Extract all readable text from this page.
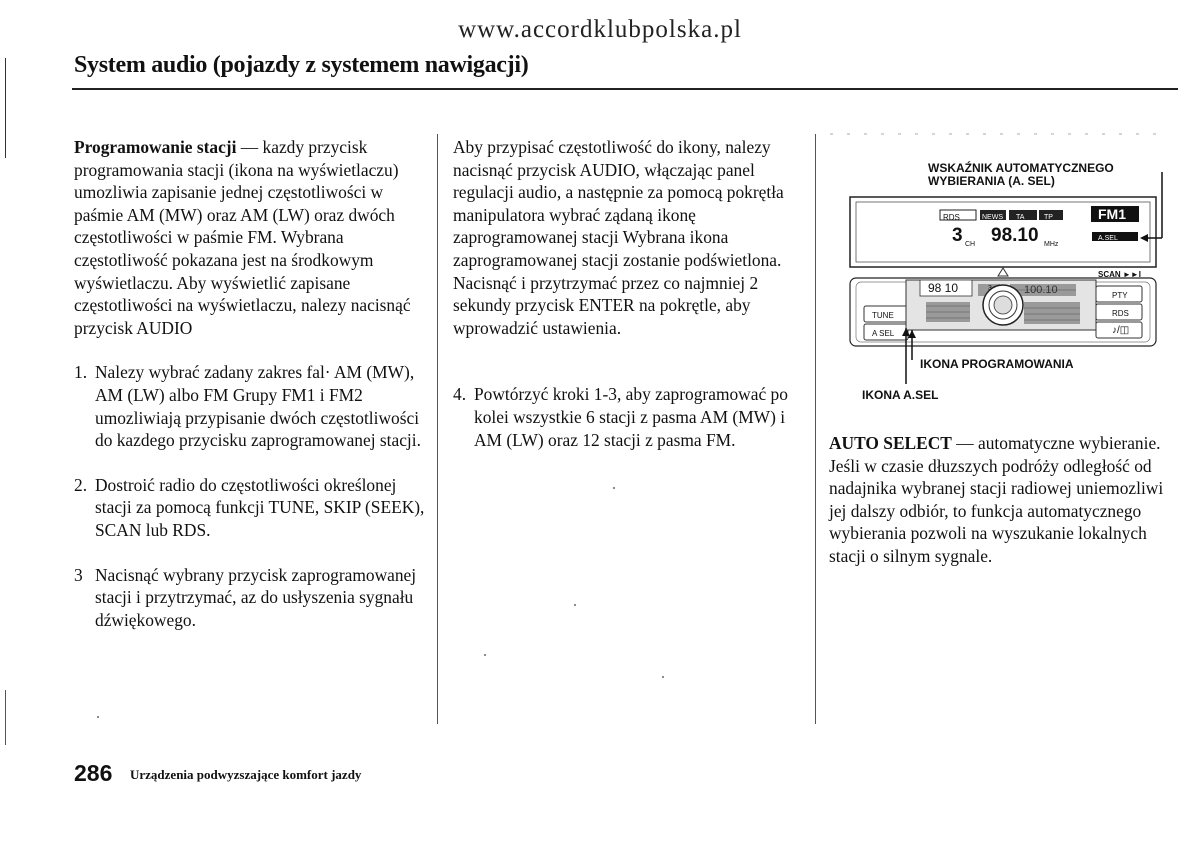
www.accordklubpolska.pl
System audio (pojazdy z systemem nawigacji)

Programowanie stacji — kazdy przycisk programowania stacji (ikona na wyświetlaczu) umozliwia zapisanie jednej częstotliwości w paśmie AM (MW) oraz AM (LW) oraz dwóch częstotliwości w paśmie FM. Wybrana częstotliwość pokazana jest na środkowym wyświetlaczu. Aby wyświetlić zapisane częstotliwości na wyświetlaczu, nalezy nacisnąć przycisk AUDIO

1. Nalezy wybrać zadany zakres fal· AM (MW), AM (LW) albo FM Grupy FM1 i FM2 umozliwiają przypisanie dwóch częstotliwości do kazdego przycisku zaprogramowanej stacji.
2. Dostroić radio do częstotliwości określonej stacji za pomocą funkcji TUNE, SKIP (SEEK), SCAN lub RDS.
3 Nacisnąć wybrany przycisk zaprogramowanej stacji i przytrzymać, az do usłyszenia sygnału dźwiękowego.

Aby przypisać częstotliwość do ikony, nalezy nacisnąć przycisk AUDIO, włączając panel regulacji audio, a następnie za pomocą pokrętła manipulatora wybrać ządaną ikonę zaprogramowanej stacji Wybrana ikona zaprogramowanej stacji zostanie podświetlona. Nacisnąć i przytrzymać przez co najmniej 2 sekundy przycisk ENTER na pokrętle, aby wprowadzić ustawienia.

4. Powtórzyć kroki 1-3, aby zaprogramować po kolei wszystkie 6 stacji z pasma AM (MW) i AM (LW) oraz 12 stacji z pasma FM.
WSKAŹNIK AUTOMATYCZNEGO
WYBIERANIA (A. SEL)
RDS	NEWS TA	TP	FM1
A.SEL
3 CH 98.10 MHz
SCAN ►►I
PTY
RDS
♪/◫
TUNE
A SEL
98 10	3	100.10
IKONA PROGRAMOWANIA
IKONA A.SEL

AUTO SELECT — automatyczne wybieranie. Jeśli w czasie dłuzszych podróży odległość od nadajnika wybranej stacji radiowej uniemozliwi jej dalszy odbiór, to funkcja automatycznego wybierania pozwoli na wyszukanie lokalnych stacji o silnym sygnale.

286 Urządzenia podwyzszające komfort jazdy
